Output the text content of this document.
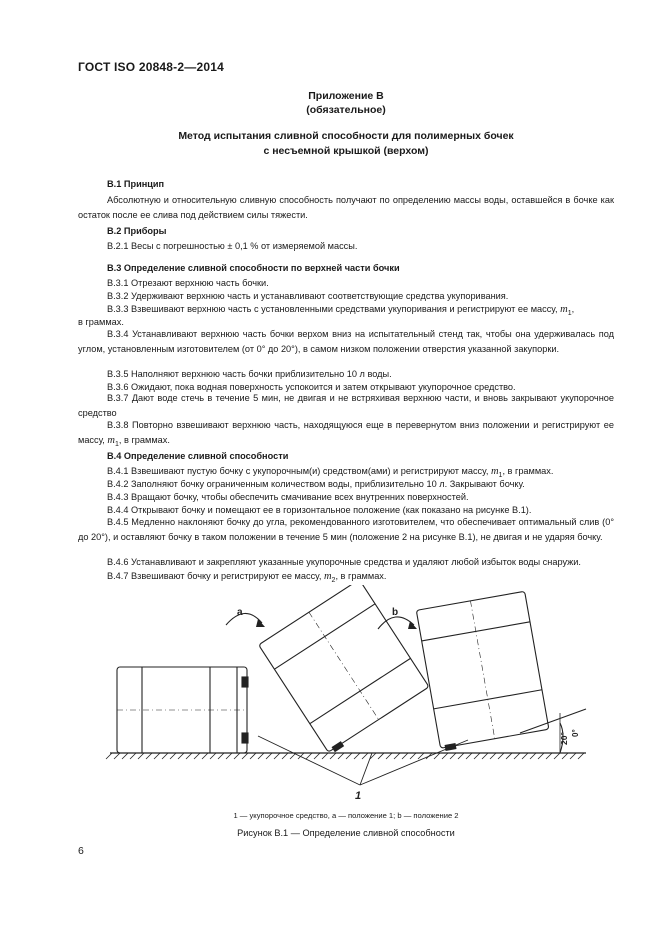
ГОСТ ISO 20848-2—2014
Приложение В
(обязательное)
Метод испытания сливной способности для полимерных бочек
с несъемной крышкой (верхом)
В.1 Принцип

Абсолютную и относительную сливную способность получают по определению массы воды, оставшейся в бочке как остаток после ее слива под действием силы тяжести.

В.2 Приборы
В.2.1 Весы с погрешностью ± 0,1 % от измеряемой массы.
В.3 Определение сливной способности по верхней части бочки
В.3.1 Отрезают верхнюю часть бочки.
В.3.2 Удерживают верхнюю часть и устанавливают соответствующие средства укупоривания.
В.3.3 Взвешивают верхнюю часть с установленными средствами укупоривания и регистрируют ее массу, $m_1$,
в граммах.

В.3.4 Устанавливают верхнюю часть бочки верхом вниз на испытательный стенд так, чтобы она удерживалась под углом, установленным изготовителем (от 0° до 20°), в самом низком положении отверстия указанной закупорки.

В.3.5 Наполняют верхнюю часть бочки приблизительно 10 л воды.
В.3.6 Ожидают, пока водная поверхность успокоится и затем открывают укупорочное средство.

В.3.7 Дают воде стечь в течение 5 мин, не двигая и не встряхивая верхнюю части, и вновь закрывают укупорочное средство

В.3.8 Повторно взвешивают верхнюю часть, находящуюся еще в перевернутом вниз положении и регистрируют ее массу, $m_1$, в граммах.

В.4 Определение сливной способности
В.4.1 Взвешивают пустую бочку с укупорочным(и) средством(ами) и регистрируют массу, $m_1$, в граммах.
В.4.2 Заполняют бочку ограниченным количеством воды, приблизительно 10 л. Закрывают бочку.
В.4.3 Вращают бочку, чтобы обеспечить смачивание всех внутренних поверхностей.
В.4.4 Открывают бочку и помещают ее в горизонтальное положение (как показано на рисунке В.1).

В.4.5 Медленно наклоняют бочку до угла, рекомендованного изготовителем, что обеспечивает оптимальный слив (0° до 20°), и оставляют бочку в таком положении в течение 5 мин (положение 2 на рисунке В.1), не двигая и не ударяя бочку.

В.4.6 Устанавливают и закрепляют указанные укупорочные средства и удаляют любой избыток воды снаружи.
В.4.7 Взвешивают бочку и регистрируют ее массу, $m_2$, в граммах.
a	b
1
20° 0°
1 — укупорочное средство, a — положение 1; b — положение 2
Рисунок В.1 — Определение сливной способности
6
